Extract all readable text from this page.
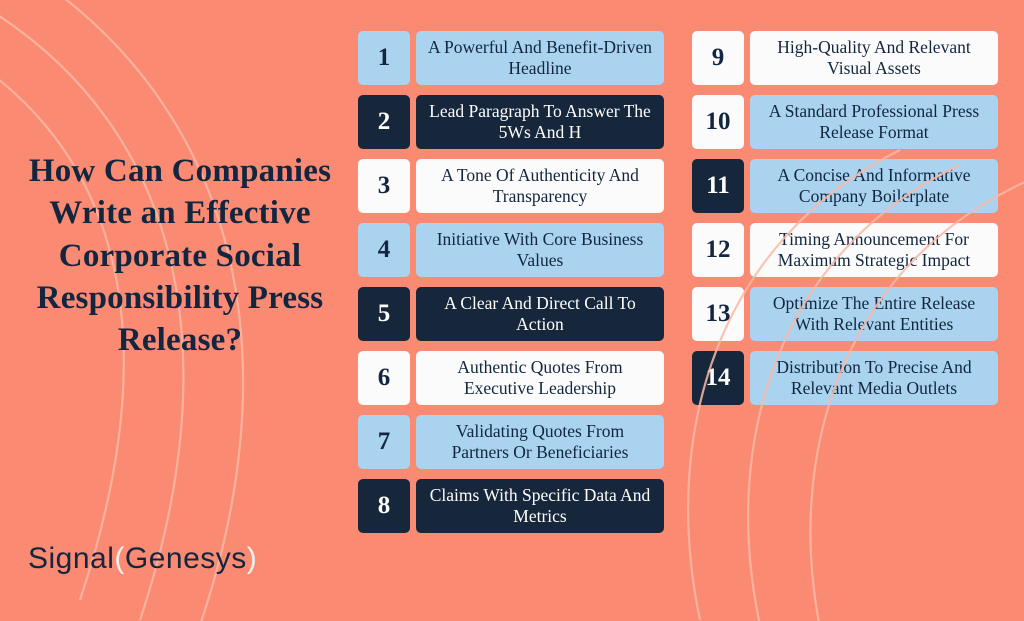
How Can Companies Write an Effective Corporate Social Responsibility Press Release?
Signal(Genesys)
1	A Powerful And Benefit-Driven Headline
2	Lead Paragraph To Answer The 5Ws And H
3	A Tone Of Authenticity And Transparency
4	Initiative With Core Business Values
5	A Clear And Direct Call To Action
6	Authentic Quotes From Executive Leadership
7	Validating Quotes From Partners Or Beneficiaries
8	Claims With Specific Data And Metrics
9	High-Quality And Relevant Visual Assets
10	A Standard Professional Press Release Format
11	A Concise And Informative Company Boilerplate
12	Timing Announcement For Maximum Strategic Impact
13	Optimize The Entire Release With Relevant Entities
14	Distribution To Precise And Relevant Media Outlets
